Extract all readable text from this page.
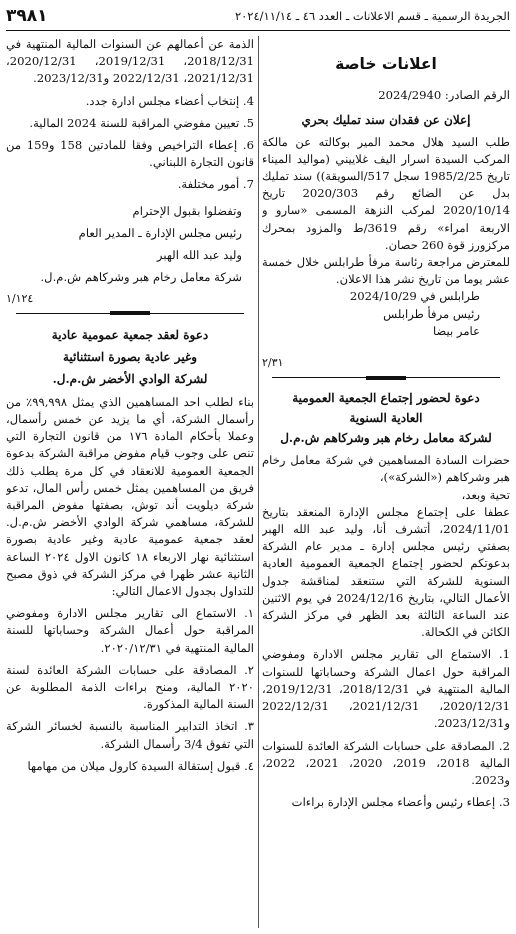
الجريدة الرسمية ـ قسم الاعلانات ـ العدد ٤٦ ـ ٢٠٢٤/١١/١٤
٣٩٨١
اعلانات خاصة

الرقم الصادر: 2024/2940

إعلان عن فقدان سند تمليك بحري

طلب السيد هلال محمد المير بوكالته عن مالكة المركب السيدة اسرار اليف غلاييني (مواليد الميناء تاريخ 1985/2/25 سجل 517/السويقة)) سند تمليك بدل عن الضائع رقم 2020/303 تاريخ 2020/10/14 لمركب النزهة المسمى «سارو و الاربعة امراء» رقم 3619/ط والمزود بمحرك مركزورز قوة 260 حصان.

للمعترض مراجعة رئاسة مرفأ طرابلس خلال خمسة عشر يوما من تاريخ نشر هذا الاعلان.

طرابلس في 2024/10/29

رئيس مرفأ طرابلس

عامر بيضا

٢/٣١

دعوة لحضور إجتماع الجمعية العمومية
العادية السنوية
لشركة معامل رخام هبر وشركاهم ش.م.ل

حضرات السادة المساهمين في شركة معامل رخام هبر وشركاهم («الشركة»)،

تحية وبعد،

عطفا على إجتماع مجلس الإدارة المنعقد بتاريخ 2024/11/01، أتشرف أنا، وليد عبد الله الهبر بصفتي رئيس مجلس إدارة ـ مدير عام الشركة بدعوتكم لحضور إجتماع الجمعية العمومية العادية السنوية للشركة التي ستنعقد لمناقشة جدول الأعمال التالي، بتاريخ 2024/12/16 في يوم الاثنين عند الساعة الثالثة بعد الظهر في مركز الشركة الكائن في الكحالة.

1. الاستماع الى تقارير مجلس الادارة ومفوضي المراقبة حول اعمال الشركة وحساباتها للسنوات المالية المنتهية في 2018/12/31، 2019/12/31، 2020/12/31، 2021/12/31، 2022/12/31 و2023/12/31.

2. المصادقة على حسابات الشركة العائدة للسنوات المالية 2018، 2019، 2020، 2021، 2022، و2023.

3. إعطاء رئيس وأعضاء مجلس الإدارة براءات

الذمة عن أعمالهم عن السنوات المالية المنتهية في 2018/12/31، 2019/12/31، 2020/12/31، 2021/12/31، 2022/12/31 و2023/12/31.

4. إنتخاب أعضاء مجلس ادارة جدد.

5. تعيين مفوضي المراقبة للسنة 2024 المالية.

6. إعطاء التراخيص وفقا للمادتين 158 و159 من قانون التجارة اللبناني.

7. أمور مختلفة.

وتفضلوا بقبول الإحترام

رئيس مجلس الإدارة ـ المدير العام

وليد عبد الله الهبر

شركة معامل رخام هبر وشركاهم ش.م.ل.

١/١٢٤

دعوة لعقد جمعية عمومية عادية
وغير عادية بصورة استثنائية
لشركة الوادي الأخضر ش.م.ل.

بناء لطلب احد المساهمين الذي يمثل ٩٩,٩٩٨٪ من رأسمال الشركة، أي ما يزيد عن خمس رأسمال، وعملا بأحكام المادة ١٧٦ من قانون التجارة التي تنص على وجوب قيام مفوض مراقبة الشركة بدعوة الجمعية العمومية للانعقاد في كل مرة يطلب ذلك فريق من المساهمين يمثل خمس رأس المال، تدعو شركة ديلويت أند توش، بصفتها مفوض المراقبة للشركة، مساهمي شركة الوادي الأخضر ش.م.ل. لعقد جمعية عمومية عادية وغير عادية بصورة استثنائية نهار الاربعاء ١٨ كانون الاول ٢٠٢٤ الساعة الثانية عشر ظهرا في مركز الشركة في ذوق مصبح للتداول بجدول الاعمال التالي:

١. الاستماع الى تقارير مجلس الادارة ومفوضي المراقبة حول أعمال الشركة وحساباتها للسنة المالية المنتهية في ٢٠٢٠/١٢/٣١.

٢. المصادقة على حسابات الشركة العائدة لسنة ٢٠٢٠ المالية، ومنح براءات الذمة المطلوبة عن السنة المالية المذكورة.

٣. اتخاذ التدابير المناسبة بالنسبة لخسائر الشركة التي تفوق 3/4 رأسمال الشركة.

٤. قبول إستقالة السيدة كارول ميلان من مهامها
